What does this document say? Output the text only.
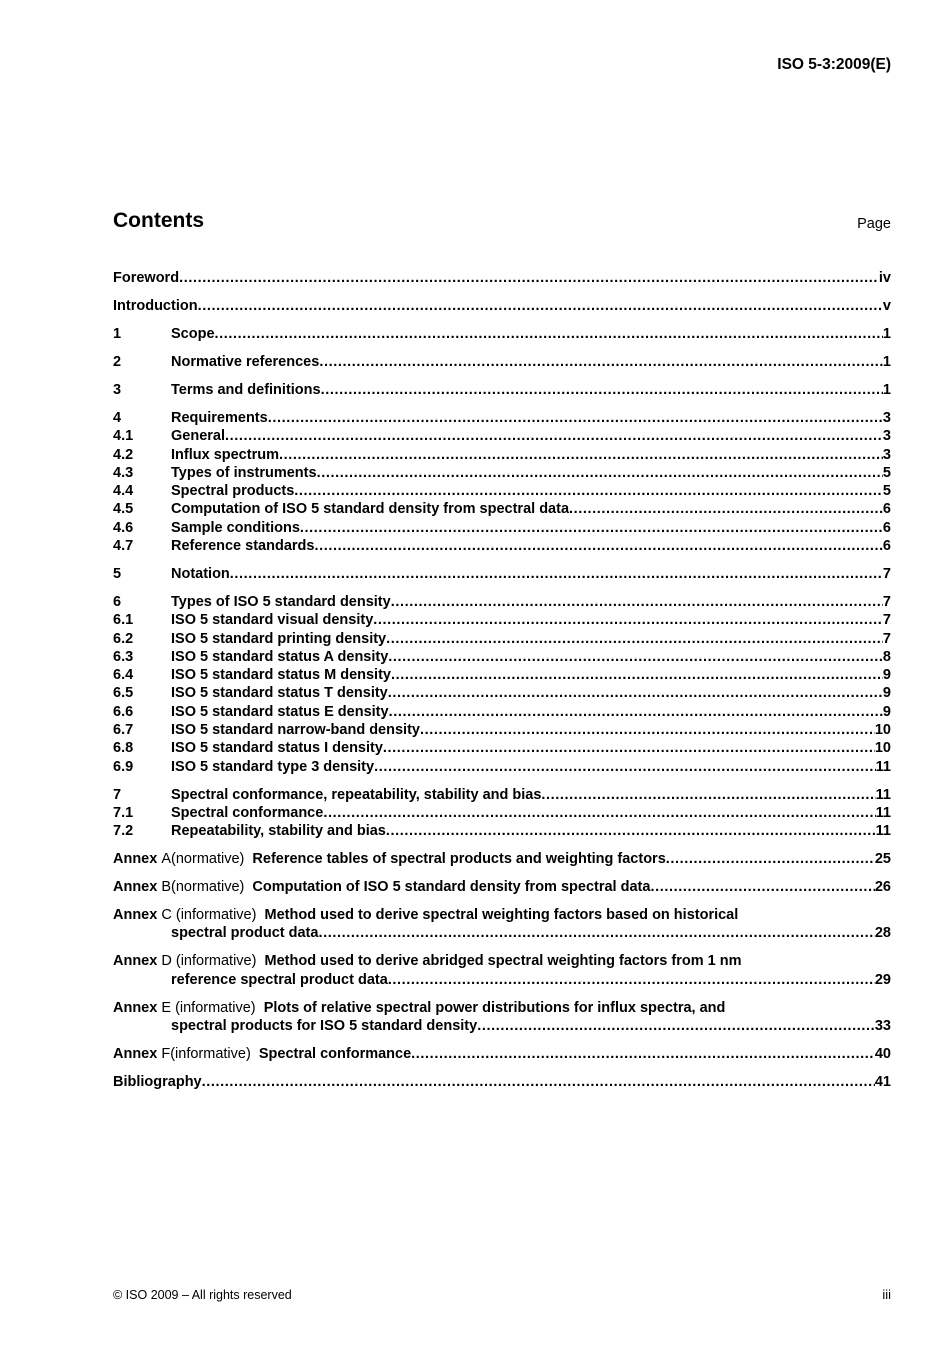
ISO 5-3:2009(E)
Contents	Page
Foreword .....	iv
Introduction .....	v
1	Scope .....	1
2	Normative references .....	1
3	Terms and definitions .....	1
4	Requirements .....	3
4.1	General .....	3
4.2	Influx spectrum .....	3
4.3	Types of instruments .....	5
4.4	Spectral products .....	5
4.5	Computation of ISO 5 standard density from spectral data .....	6
4.6	Sample conditions .....	6
4.7	Reference standards .....	6
5	Notation .....	7
6	Types of ISO 5 standard density .....	7
6.1	ISO 5 standard visual density .....	7
6.2	ISO 5 standard printing density .....	7
6.3	ISO 5 standard status A density .....	8
6.4	ISO 5 standard status M density .....	9
6.5	ISO 5 standard status T density .....	9
6.6	ISO 5 standard status E density .....	9
6.7	ISO 5 standard narrow-band density .....	10
6.8	ISO 5 standard status I density .....	10
6.9	ISO 5 standard type 3 density .....	11
7	Spectral conformance, repeatability, stability and bias .....	11
7.1	Spectral conformance .....	11
7.2	Repeatability, stability and bias .....	11
Annex A (normative)
Reference tables of spectral products and weighting factors .....	25
Annex B (normative)
Computation of ISO 5 standard density from spectral data .....	26
Annex C (informative) Method used to derive spectral weighting factors based on historical
spectral product data .....	28
Annex D (informative) Method used to derive abridged spectral weighting factors from 1 nm
reference spectral product data .....	29
Annex E (informative) Plots of relative spectral power distributions for influx spectra, and
spectral products for ISO 5 standard density .....	33
Annex F (informative)
Spectral conformance .....	40
Bibliography .....	41
© ISO 2009 – All rights reserved	iii
